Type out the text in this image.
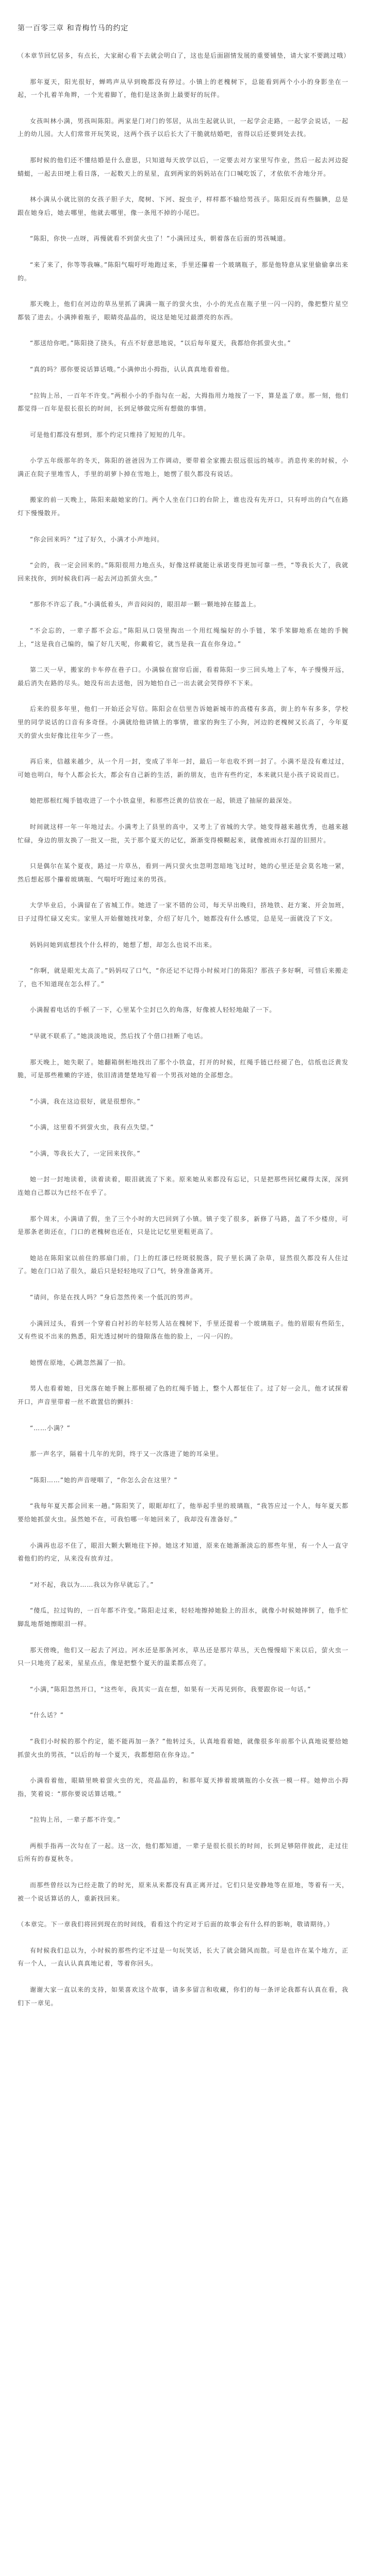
第一百零三章 和青梅竹马的约定

（本章节回忆居多，有点长，大家耐心看下去就会明白了，这也是后面剧情发展的重要铺垫，请大家不要跳过哦）

那年夏天，阳光很好，蝉鸣声从早到晚都没有停过。小镇上的老槐树下，总能看到两个小小的身影坐在一起，一个扎着羊角辫，一个光着脚丫，他们是这条街上最要好的玩伴。

女孩叫林小满，男孩叫陈阳。两家是门对门的邻居，从出生起就认识，一起学会走路，一起学会说话，一起上的幼儿园。大人们常常开玩笑说，这两个孩子以后长大了干脆就结婚吧，省得以后还要到处去找。

那时候的他们还不懂结婚是什么意思，只知道每天放学以后，一定要去对方家里写作业，然后一起去河边捉蜻蜓，一起去田埂上看日落，一起数天上的星星，直到两家的妈妈站在门口喊吃饭了，才依依不舍地分开。

林小满从小就比别的女孩子胆子大，爬树、下河、捉虫子，样样都不输给男孩子。陈阳反而有些腼腆，总是跟在她身后，她去哪里，他就去哪里，像一条甩不掉的小尾巴。

“陈阳，你快一点呀，再慢就看不到萤火虫了！”小满回过头，朝着落在后面的男孩喊道。

“来了来了，你等等我嘛。”陈阳气喘吁吁地跑过来，手里还攥着一个玻璃瓶子，那是他特意从家里偷偷拿出来的。

那天晚上，他们在河边的草丛里抓了满满一瓶子的萤火虫，小小的光点在瓶子里一闪一闪的，像把整片星空都装了进去。小满捧着瓶子，眼睛亮晶晶的，说这是她见过最漂亮的东西。

“那送给你吧。”陈阳挠了挠头，有点不好意思地说，“以后每年夏天，我都给你抓萤火虫。”

“真的吗？那你要说话算话哦。”小满伸出小拇指，认认真真地看着他。

“拉钩上吊，一百年不许变。”两根小小的手指勾在一起，大拇指用力地按了一下，算是盖了章。那一刻，他们都觉得一百年是很长很长的时间，长到足够做完所有想做的事情。

可是他们都没有想到，那个约定只维持了短短的几年。

小学五年级那年的冬天，陈阳的爸爸因为工作调动，要带着全家搬去很远很远的城市。消息传来的时候，小满正在院子里堆雪人，手里的胡萝卜掉在雪地上，她愣了很久都没有说话。

搬家的前一天晚上，陈阳来敲她家的门。两个人坐在门口的台阶上，谁也没有先开口，只有呼出的白气在路灯下慢慢散开。

“你会回来吗？”过了好久，小满才小声地问。

“会的，我一定会回来的。”陈阳很用力地点头，好像这样就能让承诺变得更加可靠一些，“等我长大了，我就回来找你，到时候我们再一起去河边抓萤火虫。”

“那你不许忘了我。”小满低着头，声音闷闷的，眼泪却一颗一颗地掉在膝盖上。

“不会忘的，一辈子都不会忘。”陈阳从口袋里掏出一个用红绳编好的小手链，笨手笨脚地系在她的手腕上，“这是我自己编的，编了好几天呢，你戴着它，就当是我一直在你身边。”

第二天一早，搬家的卡车停在巷子口。小满躲在窗帘后面，看着陈阳一步三回头地上了车，车子慢慢开远，最后消失在路的尽头。她没有出去送他，因为她怕自己一出去就会哭得停不下来。

后来的很多年里，他们一开始还会写信。陈阳会在信里告诉她新城市的高楼有多高，街上的车有多多，学校里的同学说话的口音有多奇怪。小满就给他讲镇上的事情，谁家的狗生了小狗，河边的老槐树又长高了，今年夏天的萤火虫好像比往年少了一些。

再后来，信越来越少，从一个月一封，变成了半年一封，最后一年也收不到一封了。小满不是没有难过过，可她也明白，每个人都会长大，都会有自己新的生活，新的朋友，也许有些约定，本来就只是小孩子说说而已。

她把那根红绳手链收进了一个小铁盒里，和那些泛黄的信放在一起，锁进了抽屉的最深处。

时间就这样一年一年地过去。小满考上了县里的高中，又考上了省城的大学。她变得越来越优秀，也越来越忙碌，身边的朋友换了一批又一批，关于那个夏天的记忆，渐渐变得模糊起来，就像被雨水打湿的旧照片。

只是偶尔在某个夏夜，路过一片草丛，看到一两只萤火虫忽明忽暗地飞过时，她的心里还是会莫名地一紧，然后想起那个攥着玻璃瓶、气喘吁吁跑过来的男孩。

大学毕业后，小满留在了省城工作。她进了一家不错的公司，每天早出晚归，挤地铁、赶方案、开会加班，日子过得忙碌又充实。家里人开始催她找对象，介绍了好几个，她都没有什么感觉，总是见一面就没了下文。

妈妈问她到底想找个什么样的，她想了想，却怎么也说不出来。

“你啊，就是眼光太高了。”妈妈叹了口气，“你还记不记得小时候对门的陈阳？那孩子多好啊，可惜后来搬走了，也不知道现在怎么样了。”

小满握着电话的手顿了一下，心里某个尘封已久的角落，好像被人轻轻地敲了一下。

“早就不联系了。”她淡淡地说，然后找了个借口挂断了电话。

那天晚上，她失眠了。她翻箱倒柜地找出了那个小铁盒，打开的时候，红绳手链已经褪了色，信纸也泛黄发脆，可是那些稚嫩的字迹，依旧清清楚楚地写着一个男孩对她的全部想念。

“小满，我在这边很好，就是很想你。”

“小满，这里看不到萤火虫，我有点失望。”

“小满，等我长大了，一定回来找你。”

她一封一封地读着，读着读着，眼泪就流了下来。原来她从来都没有忘记，只是把那些回忆藏得太深，深到连她自己都以为已经不在乎了。

那个周末，小满请了假，坐了三个小时的大巴回到了小镇。镇子变了很多，新修了马路，盖了不少楼房，可是那条老街还在，门口的老槐树也还在，只是比记忆里更粗更高了。

她站在陈阳家以前住的那扇门前，门上的红漆已经斑驳脱落，院子里长满了杂草，显然很久都没有人住过了。她在门口站了很久，最后只是轻轻地叹了口气，转身准备离开。

“请问，你是在找人吗？”身后忽然传来一个低沉的男声。

小满回过头，看到一个穿着白衬衫的年轻男人站在槐树下，手里还提着一个玻璃瓶子。他的眉眼有些陌生，又有些说不出来的熟悉，阳光透过树叶的缝隙落在他的脸上，一闪一闪的。

她愣在原地，心跳忽然漏了一拍。

男人也看着她，目光落在她手腕上那根褪了色的红绳手链上，整个人都怔住了。过了好一会儿，他才试探着开口，声音里带着一丝不敢置信的颤抖：

“……小满？”

那一声名字，隔着十几年的光阴，终于又一次落进了她的耳朵里。

“陈阳……”她的声音哽咽了，“你怎么会在这里？”

“我每年夏天都会回来一趟。”陈阳笑了，眼眶却红了，他举起手里的玻璃瓶，“我答应过一个人，每年夏天都要给她抓萤火虫。虽然她不在，可我怕哪一年她回来了，我却没有准备好。”

小满再也忍不住了，眼泪大颗大颗地往下掉。她这才知道，原来在她渐渐淡忘的那些年里，有一个人一直守着他们的约定，从来没有放弃过。

“对不起，我以为……我以为你早就忘了。”

“傻瓜，拉过钩的，一百年都不许变。”陈阳走过来，轻轻地擦掉她脸上的泪水，就像小时候她摔倒了，他手忙脚乱地帮她擦眼泪一样。

那天傍晚，他们又一起去了河边。河水还是那条河水，草丛还是那片草丛，天色慢慢暗下来以后，萤火虫一只一只地亮了起来，星星点点，像是把整个夏天的温柔都点亮了。

“小满，”陈阳忽然开口，“这些年，我其实一直在想，如果有一天再见到你，我要跟你说一句话。”

“什么话？”

“我们小时候的那个约定，能不能再加一条？”他转过头，认真地看着她，就像很多年前那个认真地说要给她抓萤火虫的男孩，“以后的每一个夏天，我都想陪在你身边。”

小满看着他，眼睛里映着萤火虫的光，亮晶晶的，和那年夏天捧着玻璃瓶的小女孩一模一样。她伸出小拇指，笑着说：“那你要说话算话哦。”

“拉钩上吊，一辈子都不许变。”

两根手指再一次勾在了一起。这一次，他们都知道，一辈子是很长很长的时间，长到足够陪伴彼此，走过往后所有的春夏秋冬。

而那些曾经以为已经走散了的时光，原来从来都没有真正离开过。它们只是安静地等在原地，等着有一天，被一个说话算话的人，重新找回来。

（本章完。下一章我们将回到现在的时间线，看看这个约定对于后面的故事会有什么样的影响，敬请期待。）

有时候我们总以为，小时候的那些约定不过是一句玩笑话，长大了就会随风而散。可是也许在某个地方，正有一个人，一直认认真真地记着，等着你回头。

谢谢大家一直以来的支持，如果喜欢这个故事，请多多留言和收藏，你们的每一条评论我都有认真在看，我们下一章见。
